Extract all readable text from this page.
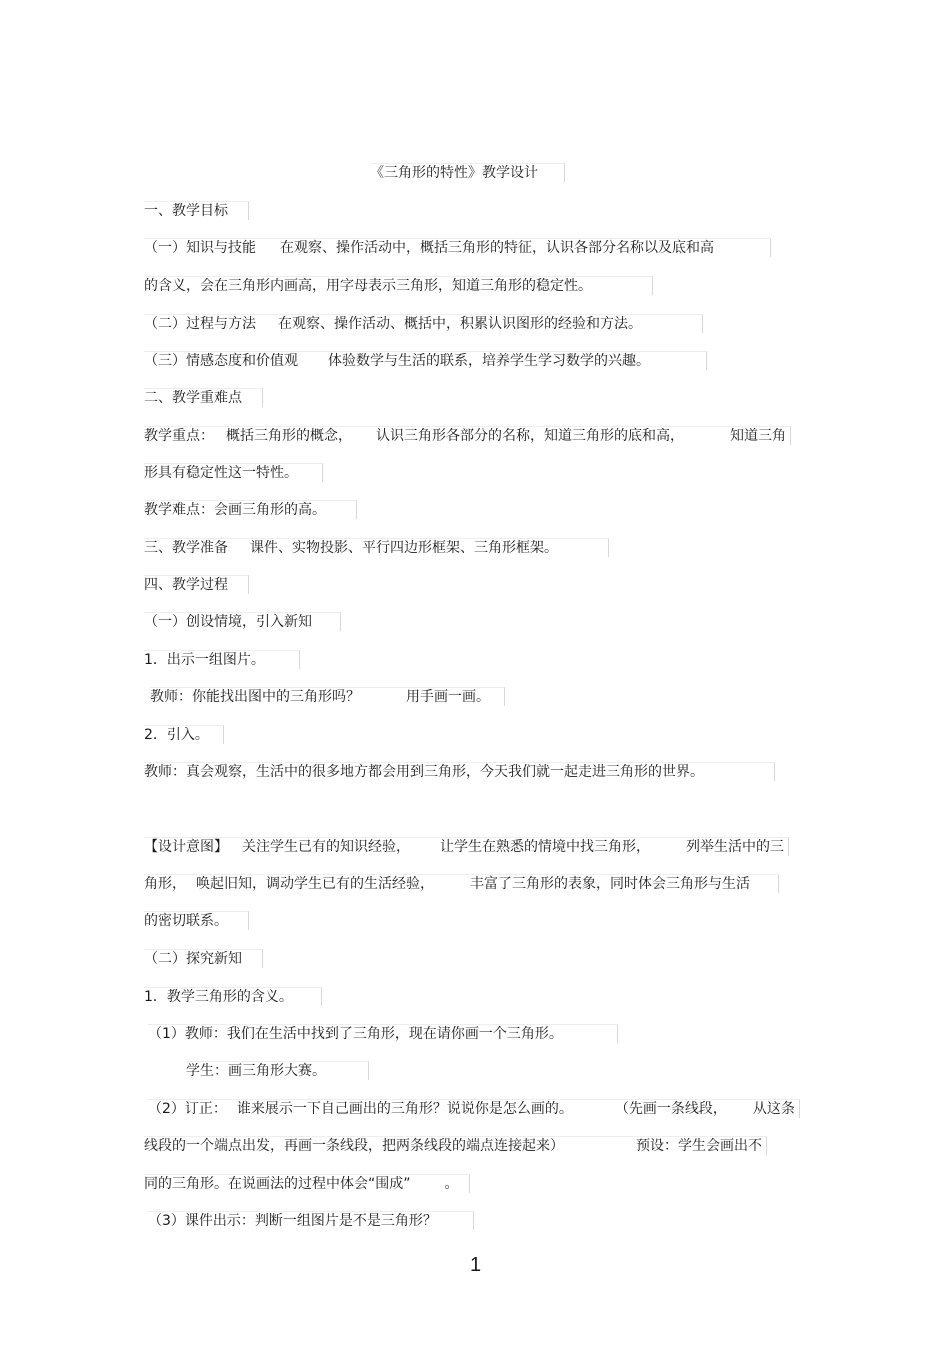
《三角形的特性》教学设计
一、教学目标
（一）知识与技能 在观察、操作活动中，概括三角形的特征，认识各部分名称以及底和高
的含义，会在三角形内画高，用字母表示三角形，知道三角形的稳定性。
（二）过程与方法 在观察、操作活动、概括中，积累认识图形的经验和方法。
（三）情感态度和价值观 体验数学与生活的联系，培养学生学习数学的兴趣。
二、教学重难点
教学重点： 概括三角形的概念， 认识三角形各部分的名称，知道三角形的底和高，	知道三角
形具有稳定性这一特性。
教学难点：会画三角形的高。
三、教学准备 课件、实物投影、平行四边形框架、三角形框架。
四、教学过程
（一）创设情境，引入新知
1．出示一组图片。
教师：你能找出图中的三角形吗？	用手画一画。
2．引入。
教师：真会观察，生活中的很多地方都会用到三角形，今天我们就一起走进三角形的世界。
【设计意图】 关注学生已有的知识经验， 让学生在熟悉的情境中找三角形，	列举生活中的三
角形， 唤起旧知，调动学生已有的生活经验，	丰富了三角形的表象，同时体会三角形与生活
的密切联系。
（二）探究新知
1．教学三角形的含义。
（1）教师：我们在生活中找到了三角形，现在请你画一个三角形。
学生：画三角形大赛。
（2）订正： 谁来展示一下自己画出的三角形？说说你是怎么画的。	（先画一条线段， 从这条
线段的一个端点出发，再画一条线段，把两条线段的端点连接起来）	预设：学生会画出不
同的三角形。在说画法的过程中体会“围成” 。
（3）课件出示：判断一组图片是不是三角形？
1
